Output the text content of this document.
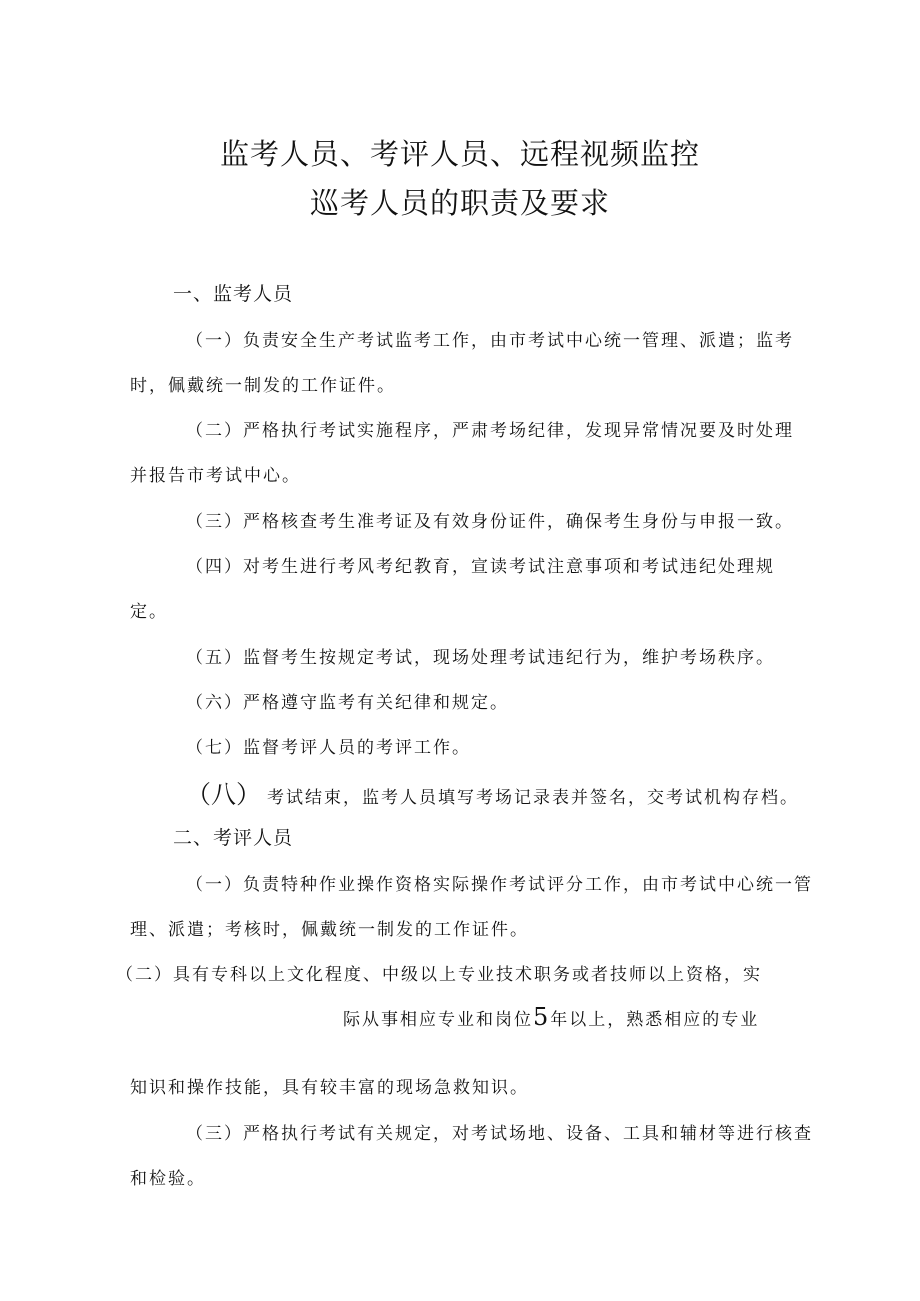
监考人员、考评人员、远程视频监控
巡考人员的职责及要求
一、监考人员
（一）负责安全生产考试监考工作，由市考试中心统一管理、派遣；监考
时，佩戴统一制发的工作证件。
（二）严格执行考试实施程序，严肃考场纪律，发现异常情况要及时处理
并报告市考试中心。
（三）严格核查考生准考证及有效身份证件，确保考生身份与申报一致。
（四）对考生进行考风考纪教育，宣读考试注意事项和考试违纪处理规
定。
（五）监督考生按规定考试，现场处理考试违纪行为，维护考场秩序。
（六）严格遵守监考有关纪律和规定。
（七）监督考评人员的考评工作。
（八） 考试结束，监考人员填写考场记录表并签名，交考试机构存档。
二、考评人员
（一）负责特种作业操作资格实际操作考试评分工作，由市考试中心统一管
理、派遣；考核时，佩戴统一制发的工作证件。
（二）具有专科以上文化程度、中级以上专业技术职务或者技师以上资格，实
际从事相应专业和岗位5年以上，熟悉相应的专业
知识和操作技能，具有较丰富的现场急救知识。
（三）严格执行考试有关规定，对考试场地、设备、工具和辅材等进行核查
和检验。
